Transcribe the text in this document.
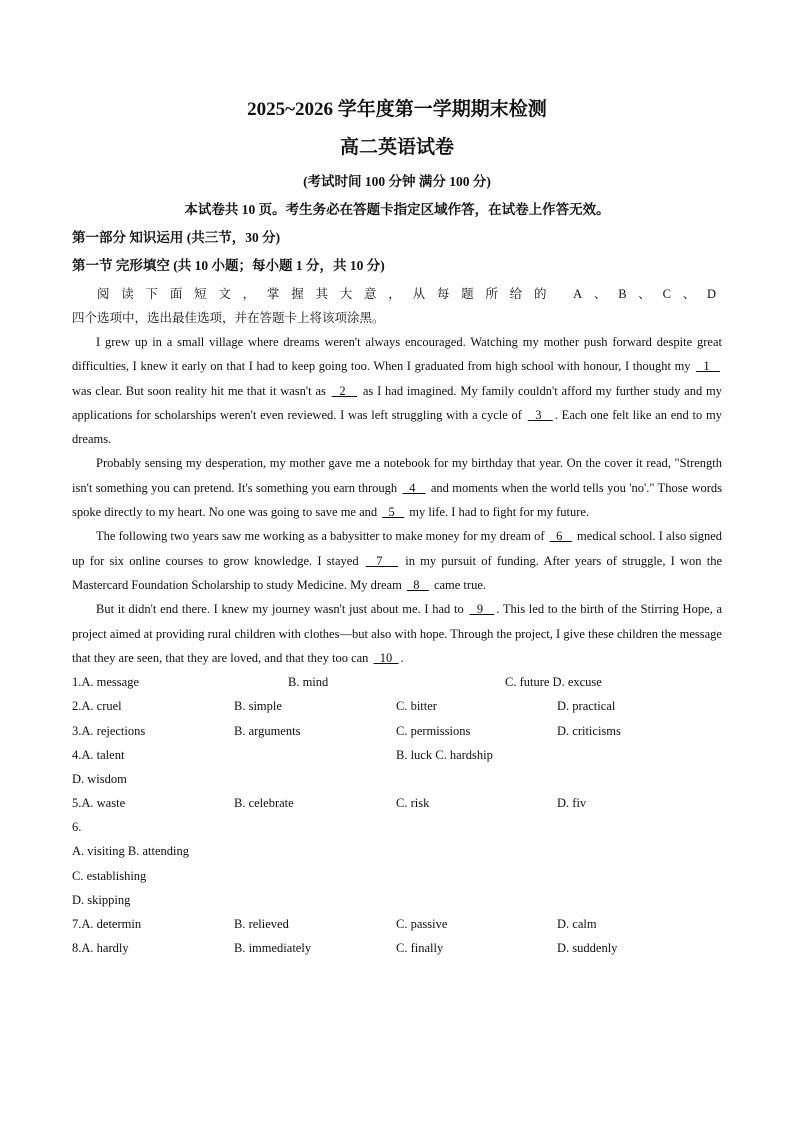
2025~2026 学年度第一学期期末检测
高二英语试卷
(考试时间 100 分钟 满分 100 分)
本试卷共 10 页。考生务必在答题卡指定区域作答，在试卷上作答无效。
第一部分 知识运用 (共三节，30 分)
第一节 完形填空 (共 10 小题；每小题 1 分，共 10 分)
阅读下面短文，掌握其大意，从每题所给的 A、B、C、D
四个选项中，选出最佳选项，并在答题卡上将该项涂黑。

I grew up in a small village where dreams weren't always encouraged. Watching my mother push forward despite great difficulties, I knew it early on that I had to keep going too. When I graduated from high school with honour, I thought my   1    was clear. But soon reality hit me that it wasn't as   2    as I had imagined. My family couldn't afford my further study and my applications for scholarships weren't even reviewed. I was left struggling with a cycle of   3   . Each one felt like an end to my dreams.

Probably sensing my desperation, my mother gave me a notebook for my birthday that year. On the cover it read, "Strength isn't something you can pretend. It's something you earn through   4    and moments when the world tells you 'no'." Those words spoke directly to my heart. No one was going to save me and   5    my life. I had to fight for my future.

The following two years saw me working as a babysitter to make money for my dream of   6    medical school. I also signed up for six online courses to grow knowledge. I stayed   7    in my pursuit of funding. After years of struggle, I won the Mastercard Foundation Scholarship to study Medicine. My dream   8    came true.

But it didn't end there. I knew my journey wasn't just about me. I had to   9   . This led to the birth of the Stirring Hope, a project aimed at providing rural children with clothes—but also with hope. Through the project, I give these children the message that they are seen, that they are loved, and that they too can   10  .

1.A. message	B. mind	C. future D. excuse
2.A. cruel	B. simple	C. bitter	D. practical
3.A. rejections	B. arguments	C. permissions	D. criticisms
4.A. talent	B. luck C. hardship
D. wisdom
5.A. waste	B. celebrate	C. risk	D. fiv
6.
A. visiting B. attending
C. establishing
D. skipping
7.A. determin	B. relieved	C. passive	D. calm
8.A. hardly	B. immediately	C. finally	D. suddenly
